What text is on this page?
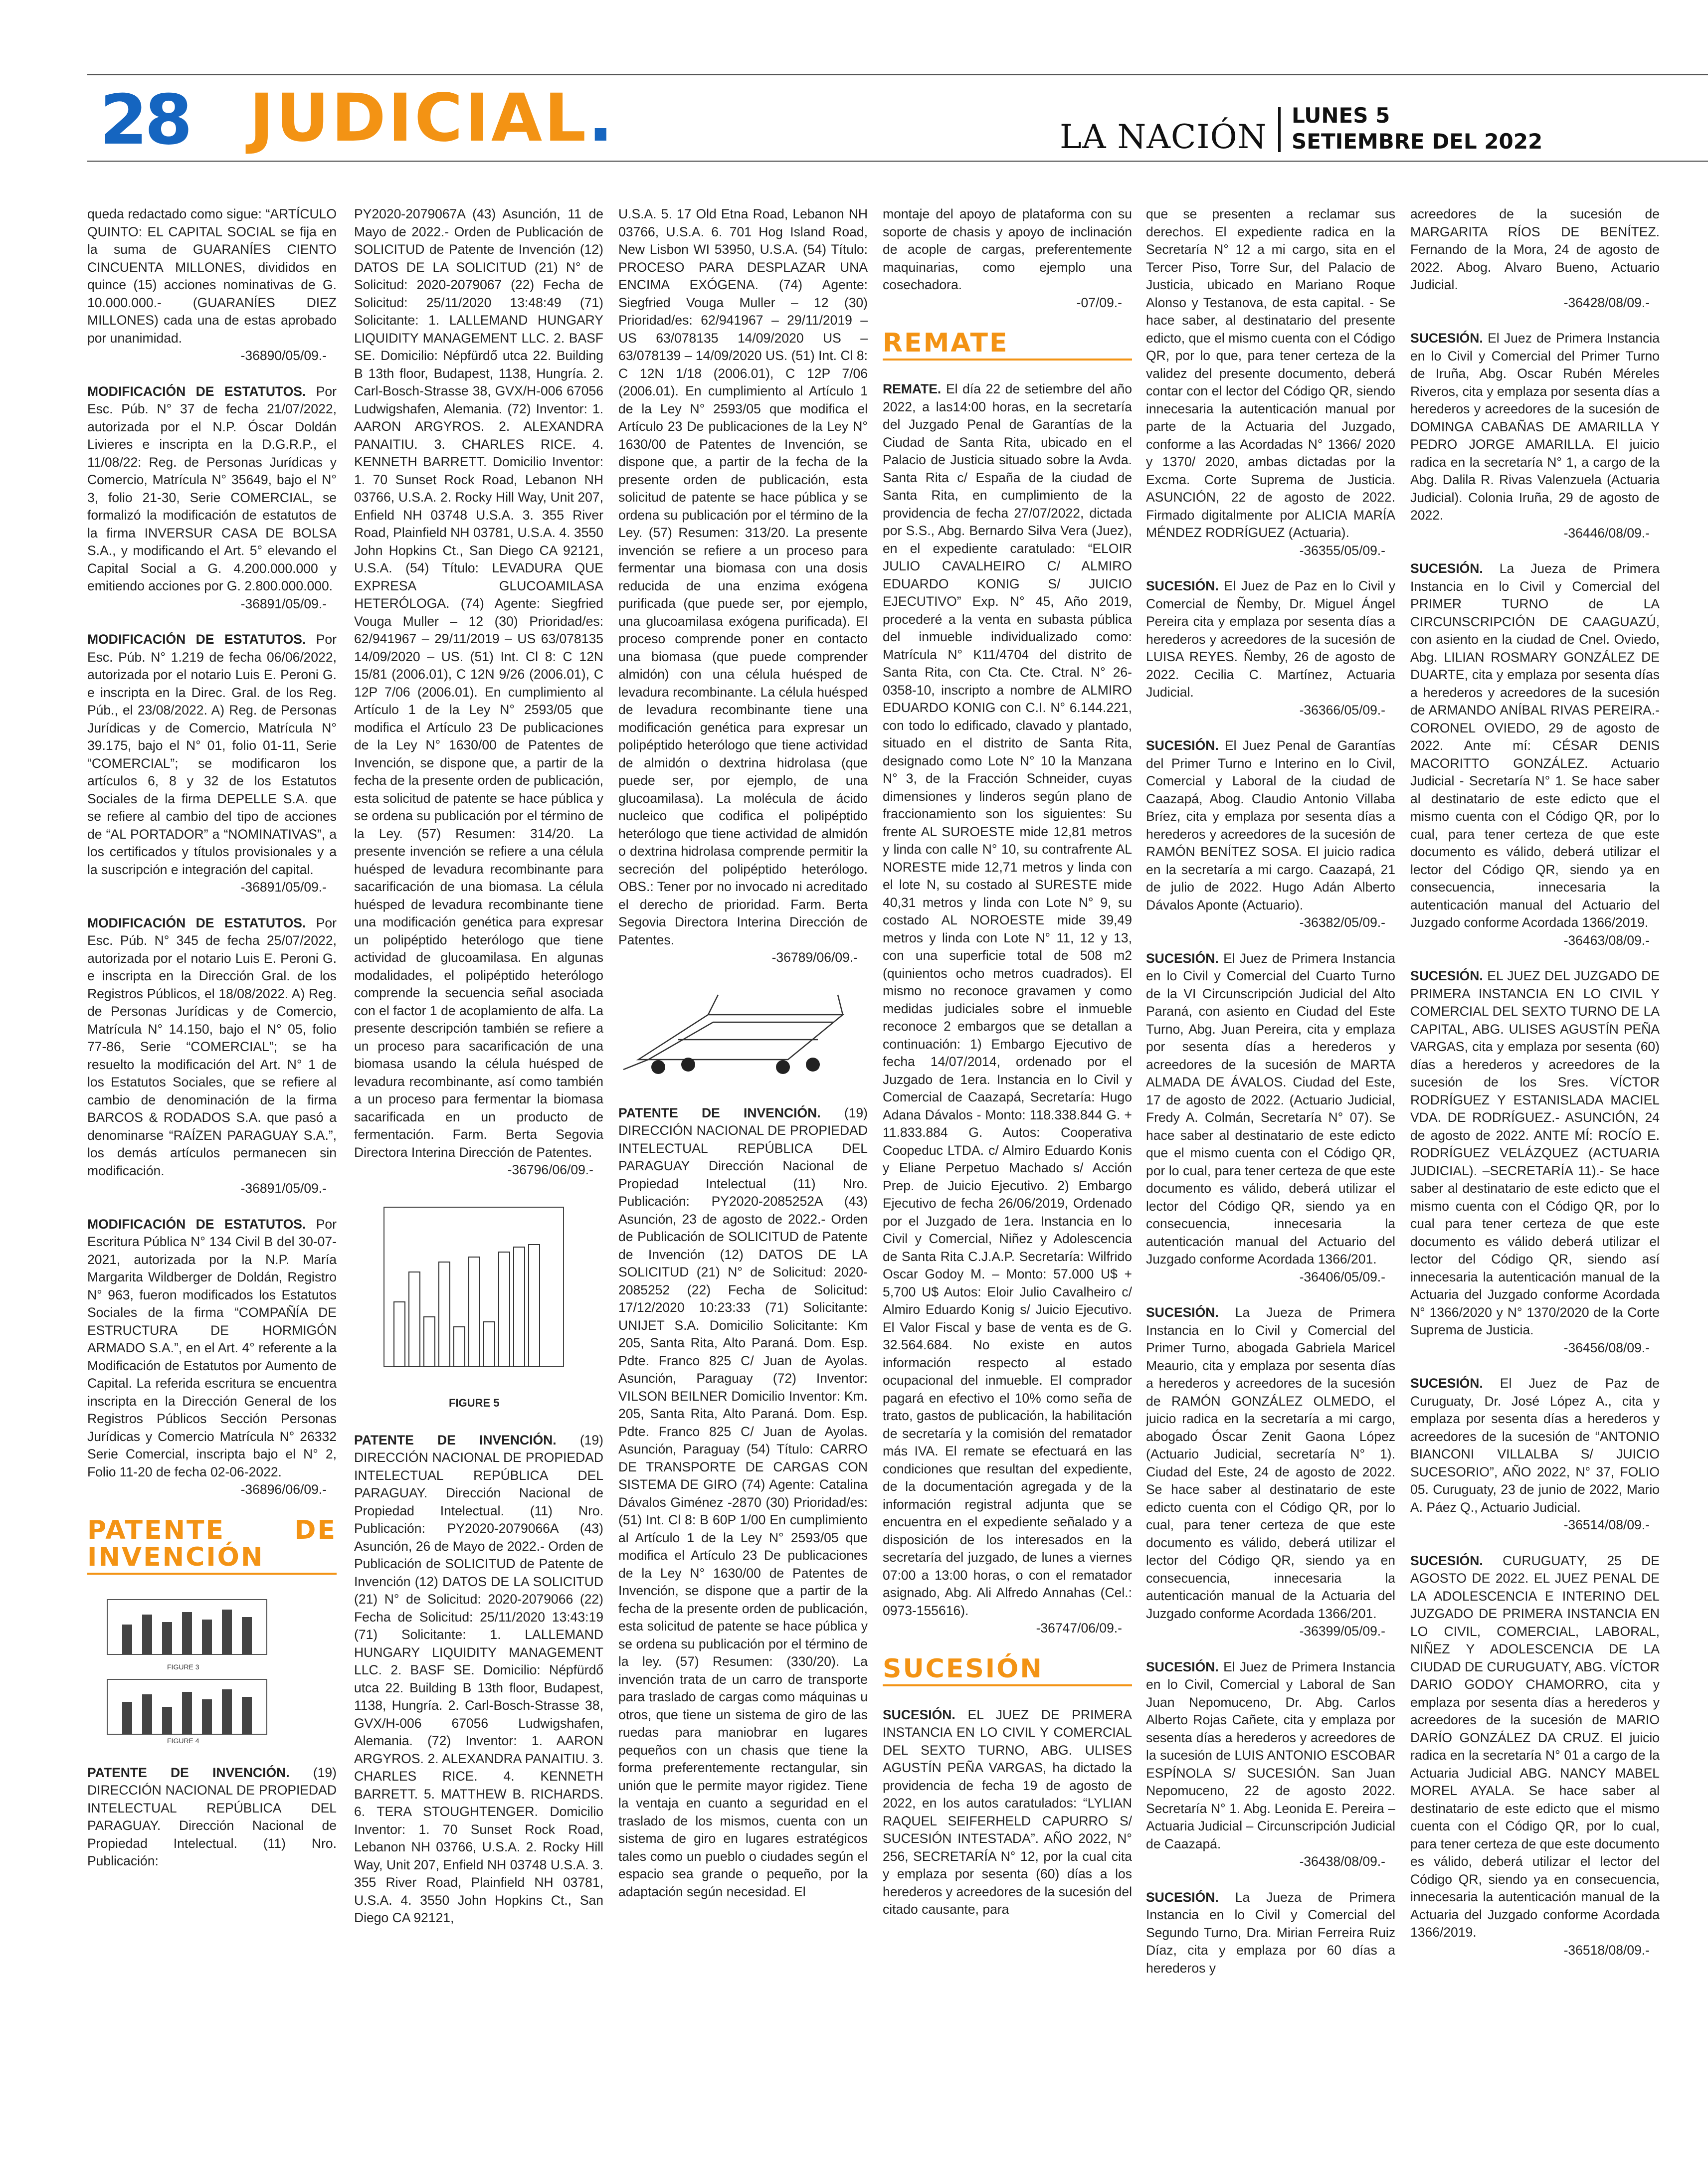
28 JUDICIAL.	LA NACIÓN
LUNES 5
SETIEMBRE DEL 2022

queda redactado como sigue: “ARTÍCULO QUINTO: EL CAPITAL SOCIAL se fija en la suma de GUARANÍES CIENTO CINCUENTA MILLONES, divididos en quince (15) acciones nominativas de G. 10.000.000.- (GUARANÍES DIEZ MILLONES) cada una de estas aprobado por unanimidad.
-36890/05/09.-

MODIFICACIÓN DE ESTATUTOS. Por Esc. Púb. N° 37 de fecha 21/07/2022, autorizada por el N.P. Óscar Doldán Livieres e inscripta en la D.G.R.P., el 11/08/22: Reg. de Personas Jurídicas y Comercio, Matrícula N° 35649, bajo el N° 3, folio 21-30, Serie COMERCIAL, se formalizó la modificación de estatutos de la firma INVERSUR CASA DE BOLSA S.A., y modificando el Art. 5° elevando el Capital Social a G. 4.200.000.000 y emitiendo acciones por G. 2.800.000.000.
-36891/05/09.-

MODIFICACIÓN DE ESTATUTOS. Por Esc. Púb. N° 1.219 de fecha 06/06/2022, autorizada por el notario Luis E. Peroni G. e inscripta en la Direc. Gral. de los Reg. Púb., el 23/08/2022. A) Reg. de Personas Jurídicas y de Comercio, Matrícula N° 39.175, bajo el N° 01, folio 01-11, Serie “COMERCIAL”; se modificaron los artículos 6, 8 y 32 de los Estatutos Sociales de la firma DEPELLE S.A. que se refiere al cambio del tipo de acciones de “AL PORTADOR” a “NOMINATIVAS”, a los certificados y títulos provisionales y a la suscripción e integración del capital.
-36891/05/09.-

MODIFICACIÓN DE ESTATUTOS. Por Esc. Púb. N° 345 de fecha 25/07/2022, autorizada por el notario Luis E. Peroni G. e inscripta en la Dirección Gral. de los Registros Públicos, el 18/08/2022. A) Reg. de Personas Jurídicas y de Comercio, Matrícula N° 14.150, bajo el N° 05, folio 77-86, Serie “COMERCIAL”; se ha resuelto la modificación del Art. N° 1 de los Estatutos Sociales, que se refiere al cambio de denominación de la firma BARCOS & RODADOS S.A. que pasó a denominarse “RAÍZEN PARAGUAY S.A.”, los demás artículos permanecen sin modificación.
-36891/05/09.-

MODIFICACIÓN DE ESTATUTOS. Por Escritura Pública N° 134 Civil B del 30-07-2021, autorizada por la N.P. María Margarita Wildberger de Doldán, Registro N° 963, fueron modificados los Estatutos Sociales de la firma “COMPAÑÍA DE ESTRUCTURA DE HORMIGÓN ARMADO S.A.”, en el Art. 4° referente a la Modificación de Estatutos por Aumento de Capital. La referida escritura se encuentra inscripta en la Dirección General de los Registros Públicos Sección Personas Jurídicas y Comercio Matrícula N° 26332 Serie Comercial, inscripta bajo el N° 2, Folio 11-20 de fecha 02-06-2022.
-36896/06/09.-

PATENTE DE INVENCIÓN
FIGURE 3
FIGURE 4

PATENTE DE INVENCIÓN. (19) DIRECCIÓN NACIONAL DE PROPIEDAD INTELECTUAL REPÚBLICA DEL PARAGUAY. Dirección Nacional de Propiedad Intelectual. (11) Nro. Publicación:

PY2020-2079067A (43) Asunción, 11 de Mayo de 2022.- Orden de Publicación de SOLICITUD de Patente de Invención (12) DATOS DE LA SOLICITUD (21) N° de Solicitud: 2020-2079067 (22) Fecha de Solicitud: 25/11/2020 13:48:49 (71) Solicitante: 1. LALLEMAND HUNGARY LIQUIDITY MANAGEMENT LLC. 2. BASF SE. Domicilio: Népfürdő utca 22. Building B 13th floor, Budapest, 1138, Hungría. 2. Carl-Bosch-Strasse 38, GVX/H-006 67056 Ludwigshafen, Alemania. (72) Inventor: 1. AARON ARGYROS. 2. ALEXANDRA PANAITIU. 3. CHARLES RICE. 4. KENNETH BARRETT. Domicilio Inventor: 1. 70 Sunset Rock Road, Lebanon NH 03766, U.S.A. 2. Rocky Hill Way, Unit 207, Enfield NH 03748 U.S.A. 3. 355 River Road, Plainfield NH 03781, U.S.A. 4. 3550 John Hopkins Ct., San Diego CA 92121, U.S.A. (54) Título: LEVADURA QUE EXPRESA GLUCOAMILASA HETERÓLOGA. (74) Agente: Siegfried Vouga Muller – 12 (30) Prioridad/es: 62/941967 – 29/11/2019 – US 63/078135 14/09/2020 – US. (51) Int. Cl 8: C 12N 15/81 (2006.01), C 12N 9/26 (2006.01), C 12P 7/06 (2006.01). En cumplimiento al Artículo 1 de la Ley N° 2593/05 que modifica el Artículo 23 De publicaciones de la Ley N° 1630/00 de Patentes de Invención, se dispone que, a partir de la fecha de la presente orden de publicación, esta solicitud de patente se hace pública y se ordena su publicación por el término de la Ley. (57) Resumen: 314/20. La presente invención se refiere a una célula huésped de levadura recombinante para sacarificación de una biomasa. La célula huésped de levadura recombinante tiene una modificación genética para expresar un polipéptido heterólogo que tiene actividad de glucoamilasa. En algunas modalidades, el polipéptido heterólogo comprende la secuencia señal asociada con el factor 1 de acoplamiento de alfa. La presente descripción también se refiere a un proceso para sacarificación de una biomasa usando la célula huésped de levadura recombinante, así como también a un proceso para fermentar la biomasa sacarificada en un producto de fermentación. Farm. Berta Segovia Directora Interina Dirección de Patentes.
-36796/06/09.-

FIGURE 5

PATENTE DE INVENCIÓN. (19) DIRECCIÓN NACIONAL DE PROPIEDAD INTELECTUAL REPÚBLICA DEL PARAGUAY. Dirección Nacional de Propiedad Intelectual. (11) Nro. Publicación: PY2020-2079066A (43) Asunción, 26 de Mayo de 2022.- Orden de Publicación de SOLICITUD de Patente de Invención (12) DATOS DE LA SOLICITUD (21) N° de Solicitud: 2020-2079066 (22) Fecha de Solicitud: 25/11/2020 13:43:19 (71) Solicitante: 1. LALLEMAND HUNGARY LIQUIDITY MANAGEMENT LLC. 2. BASF SE. Domicilio: Népfürdő utca 22. Building B 13th floor, Budapest, 1138, Hungría. 2. Carl-Bosch-Strasse 38, GVX/H-006 67056 Ludwigshafen, Alemania. (72) Inventor: 1. AARON ARGYROS. 2. ALEXANDRA PANAITIU. 3. CHARLES RICE. 4. KENNETH BARRETT. 5. MATTHEW B. RICHARDS. 6. TERA STOUGHTENGER. Domicilio Inventor: 1. 70 Sunset Rock Road, Lebanon NH 03766, U.S.A. 2. Rocky Hill Way, Unit 207, Enfield NH 03748 U.S.A. 3. 355 River Road, Plainfield NH 03781, U.S.A. 4. 3550 John Hopkins Ct., San Diego CA 92121,

U.S.A. 5. 17 Old Etna Road, Lebanon NH 03766, U.S.A. 6. 701 Hog Island Road, New Lisbon WI 53950, U.S.A. (54) Título: PROCESO PARA DESPLAZAR UNA ENCIMA EXÓGENA. (74) Agente: Siegfried Vouga Muller – 12 (30) Prioridad/es: 62/941967 – 29/11/2019 – US 63/078135 14/09/2020 US – 63/078139 – 14/09/2020 US. (51) Int. Cl 8: C 12N 1/18 (2006.01), C 12P 7/06 (2006.01). En cumplimiento al Artículo 1 de la Ley N° 2593/05 que modifica el Artículo 23 De publicaciones de la Ley N° 1630/00 de Patentes de Invención, se dispone que, a partir de la fecha de la presente orden de publicación, esta solicitud de patente se hace pública y se ordena su publicación por el término de la Ley. (57) Resumen: 313/20. La presente invención se refiere a un proceso para fermentar una biomasa con una dosis reducida de una enzima exógena purificada (que puede ser, por ejemplo, una glucoamilasa exógena purificada). El proceso comprende poner en contacto una biomasa (que puede comprender almidón) con una célula huésped de levadura recombinante. La célula huésped de levadura recombinante tiene una modificación genética para expresar un polipéptido heterólogo que tiene actividad de almidón o dextrina hidrolasa (que puede ser, por ejemplo, de una glucoamilasa). La molécula de ácido nucleico que codifica el polipéptido heterólogo que tiene actividad de almidón o dextrina hidrolasa comprende permitir la secreción del polipéptido heterólogo. OBS.: Tener por no invocado ni acreditado el derecho de prioridad. Farm. Berta Segovia Directora Interina Dirección de Patentes.
-36789/06/09.-

PATENTE DE INVENCIÓN. (19) DIRECCIÓN NACIONAL DE PROPIEDAD INTELECTUAL REPÚBLICA DEL PARAGUAY Dirección Nacional de Propiedad Intelectual (11) Nro. Publicación: PY2020-2085252A (43) Asunción, 23 de agosto de 2022.- Orden de Publicación de SOLICITUD de Patente de Invención (12) DATOS DE LA SOLICITUD (21) N° de Solicitud: 2020-2085252 (22) Fecha de Solicitud: 17/12/2020 10:23:33 (71) Solicitante: UNIJET S.A. Domicilio Solicitante: Km 205, Santa Rita, Alto Paraná. Dom. Esp. Pdte. Franco 825 C/ Juan de Ayolas. Asunción, Paraguay (72) Inventor: VILSON BEILNER Domicilio Inventor: Km. 205, Santa Rita, Alto Paraná. Dom. Esp. Pdte. Franco 825 C/ Juan de Ayolas. Asunción, Paraguay (54) Título: CARRO DE TRANSPORTE DE CARGAS CON SISTEMA DE GIRO (74) Agente: Catalina Dávalos Giménez -2870 (30) Prioridad/es: (51) Int. Cl 8: B 60P 1/00 En cumplimiento al Artículo 1 de la Ley N° 2593/05 que modifica el Artículo 23 De publicaciones de la Ley N° 1630/00 de Patentes de Invención, se dispone que a partir de la fecha de la presente orden de publicación, esta solicitud de patente se hace pública y se ordena su publicación por el término de la ley. (57) Resumen: (330/20). La invención trata de un carro de transporte para traslado de cargas como máquinas u otros, que tiene un sistema de giro de las ruedas para maniobrar en lugares pequeños con un chasis que tiene la forma preferentemente rectangular, sin unión que le permite mayor rigidez. Tiene la ventaja en cuanto a seguridad en el traslado de los mismos, cuenta con un sistema de giro en lugares estratégicos tales como un pueblo o ciudades según el espacio sea grande o pequeño, por la adaptación según necesidad. El

montaje del apoyo de plataforma con su soporte de chasis y apoyo de inclinación de acople de cargas, preferentemente maquinarias, como ejemplo una cosechadora.
-07/09.-

REMATE

REMATE. El día 22 de setiembre del año 2022, a las14:00 horas, en la secretaría del Juzgado Penal de Garantías de la Ciudad de Santa Rita, ubicado en el Palacio de Justicia situado sobre la Avda. Santa Rita c/ España de la ciudad de Santa Rita, en cumplimiento de la providencia de fecha 27/07/2022, dictada por S.S., Abg. Bernardo Silva Vera (Juez), en el expediente caratulado: “ELOIR JULIO CAVALHEIRO C/ ALMIRO EDUARDO KONIG S/ JUICIO EJECUTIVO” Exp. N° 45, Año 2019, procederé a la venta en subasta pública del inmueble individualizado como: Matrícula N° K11/4704 del distrito de Santa Rita, con Cta. Cte. Ctral. N° 26-0358-10, inscripto a nombre de ALMIRO EDUARDO KONIG con C.I. N° 6.144.221, con todo lo edificado, clavado y plantado, situado en el distrito de Santa Rita, designado como Lote N° 10 la Manzana N° 3, de la Fracción Schneider, cuyas dimensiones y linderos según plano de fraccionamiento son los siguientes: Su frente AL SUROESTE mide 12,81 metros y linda con calle N° 10, su contrafrente AL NORESTE mide 12,71 metros y linda con el lote N, su costado al SURESTE mide 40,31 metros y linda con Lote N° 9, su costado AL NOROESTE mide 39,49 metros y linda con Lote N° 11, 12 y 13, con una superficie total de 508 m2 (quinientos ocho metros cuadrados). El mismo no reconoce gravamen y como medidas judiciales sobre el inmueble reconoce 2 embargos que se detallan a continuación: 1) Embargo Ejecutivo de fecha 14/07/2014, ordenado por el Juzgado de 1era. Instancia en lo Civil y Comercial de Caazapá, Secretaría: Hugo Adana Dávalos - Monto: 118.338.844 G. + 11.833.884 G. Autos: Cooperativa Coopeduc LTDA. c/ Almiro Eduardo Konis y Eliane Perpetuo Machado s/ Acción Prep. de Juicio Ejecutivo. 2) Embargo Ejecutivo de fecha 26/06/2019, Ordenado por el Juzgado de 1era. Instancia en lo Civil y Comercial, Niñez y Adolescencia de Santa Rita C.J.A.P. Secretaría: Wilfrido Oscar Godoy M. – Monto: 57.000 U$ + 5,700 U$ Autos: Eloir Julio Cavalheiro c/ Almiro Eduardo Konig s/ Juicio Ejecutivo. El Valor Fiscal y base de venta es de G. 32.564.684. No existe en autos información respecto al estado ocupacional del inmueble. El comprador pagará en efectivo el 10% como seña de trato, gastos de publicación, la habilitación de secretaría y la comisión del rematador más IVA. El remate se efectuará en las condiciones que resultan del expediente, de la documentación agregada y de la información registral adjunta que se encuentra en el expediente señalado y a disposición de los interesados en la secretaría del juzgado, de lunes a viernes 07:00 a 13:00 horas, o con el rematador asignado, Abg. Ali Alfredo Annahas (Cel.: 0973-155616).
-36747/06/09.-

SUCESIÓN

SUCESIÓN. EL JUEZ DE PRIMERA INSTANCIA EN LO CIVIL Y COMERCIAL DEL SEXTO TURNO, ABG. ULISES AGUSTÍN PEÑA VARGAS, ha dictado la providencia de fecha 19 de agosto de 2022, en los autos caratulados: “LYLIAN RAQUEL SEIFERHELD CAPURRO S/ SUCESIÓN INTESTADA”. AÑO 2022, N° 256, SECRETARÍA N° 12, por la cual cita y emplaza por sesenta (60) días a los herederos y acreedores de la sucesión del citado causante, para

que se presenten a reclamar sus derechos. El expediente radica en la Secretaría N° 12 a mi cargo, sita en el Tercer Piso, Torre Sur, del Palacio de Justicia, ubicado en Mariano Roque Alonso y Testanova, de esta capital. - Se hace saber, al destinatario del presente edicto, que el mismo cuenta con el Código QR, por lo que, para tener certeza de la validez del presente documento, deberá contar con el lector del Código QR, siendo innecesaria la autenticación manual por parte de la Actuaria del Juzgado, conforme a las Acordadas N° 1366/ 2020 y 1370/ 2020, ambas dictadas por la Excma. Corte Suprema de Justicia. ASUNCIÓN, 22 de agosto de 2022. Firmado digitalmente por ALICIA MARÍA MÉNDEZ RODRÍGUEZ (Actuaria).
-36355/05/09.-

SUCESIÓN. El Juez de Paz en lo Civil y Comercial de Ñemby, Dr. Miguel Ángel Pereira cita y emplaza por sesenta días a herederos y acreedores de la sucesión de LUISA REYES. Ñemby, 26 de agosto de 2022. Cecilia C. Martínez, Actuaria Judicial.
-36366/05/09.-

SUCESIÓN. El Juez Penal de Garantías del Primer Turno e Interino en lo Civil, Comercial y Laboral de la ciudad de Caazapá, Abog. Claudio Antonio Villaba Bríez, cita y emplaza por sesenta días a herederos y acreedores de la sucesión de RAMÓN BENÍTEZ SOSA. El juicio radica en la secretaría a mi cargo. Caazapá, 21 de julio de 2022. Hugo Adán Alberto Dávalos Aponte (Actuario).
-36382/05/09.-

SUCESIÓN. El Juez de Primera Instancia en lo Civil y Comercial del Cuarto Turno de la VI Circunscripción Judicial del Alto Paraná, con asiento en Ciudad del Este Turno, Abg. Juan Pereira, cita y emplaza por sesenta días a herederos y acreedores de la sucesión de MARTA ALMADA DE ÁVALOS. Ciudad del Este, 17 de agosto de 2022. (Actuario Judicial, Fredy A. Colmán, Secretaría N° 07). Se hace saber al destinatario de este edicto que el mismo cuenta con el Código QR, por lo cual, para tener certeza de que este documento es válido, deberá utilizar el lector del Código QR, siendo ya en consecuencia, innecesaria la autenticación manual del Actuario del Juzgado conforme Acordada 1366/201.
-36406/05/09.-

SUCESIÓN. La Jueza de Primera Instancia en lo Civil y Comercial del Primer Turno, abogada Gabriela Maricel Meaurio, cita y emplaza por sesenta días a herederos y acreedores de la sucesión de RAMÓN GONZÁLEZ OLMEDO, el juicio radica en la secretaría a mi cargo, abogado Óscar Zenit Gaona López (Actuario Judicial, secretaría N° 1). Ciudad del Este, 24 de agosto de 2022. Se hace saber al destinatario de este edicto cuenta con el Código QR, por lo cual, para tener certeza de que este documento es válido, deberá utilizar el lector del Código QR, siendo ya en consecuencia, innecesaria la autenticación manual de la Actuaria del Juzgado conforme Acordada 1366/201.
-36399/05/09.-

SUCESIÓN. El Juez de Primera Instancia en lo Civil, Comercial y Laboral de San Juan Nepomuceno, Dr. Abg. Carlos Alberto Rojas Cañete, cita y emplaza por sesenta días a herederos y acreedores de la sucesión de LUIS ANTONIO ESCOBAR ESPÍNOLA S/ SUCESIÓN. San Juan Nepomuceno, 22 de agosto 2022. Secretaría N° 1. Abg. Leonida E. Pereira – Actuaria Judicial – Circunscripción Judicial de Caazapá.
-36438/08/09.-

SUCESIÓN. La Jueza de Primera Instancia en lo Civil y Comercial del Segundo Turno, Dra. Mirian Ferreira Ruiz Díaz, cita y emplaza por 60 días a herederos y

acreedores de la sucesión de MARGARITA RÍOS DE BENÍTEZ. Fernando de la Mora, 24 de agosto de 2022. Abog. Alvaro Bueno, Actuario Judicial.
-36428/08/09.-

SUCESIÓN. El Juez de Primera Instancia en lo Civil y Comercial del Primer Turno de Iruña, Abg. Oscar Rubén Méreles Riveros, cita y emplaza por sesenta días a herederos y acreedores de la sucesión de DOMINGA CABAÑAS DE AMARILLA Y PEDRO JORGE AMARILLA. El juicio radica en la secretaría N° 1, a cargo de la Abg. Dalila R. Rivas Valenzuela (Actuaria Judicial). Colonia Iruña, 29 de agosto de 2022.
-36446/08/09.-

SUCESIÓN. La Jueza de Primera Instancia en lo Civil y Comercial del PRIMER TURNO de LA CIRCUNSCRIPCIÓN DE CAAGUAZÚ, con asiento en la ciudad de Cnel. Oviedo, Abg. LILIAN ROSMARY GONZÁLEZ DE DUARTE, cita y emplaza por sesenta días a herederos y acreedores de la sucesión de ARMANDO ANÍBAL RIVAS PEREIRA.- CORONEL OVIEDO, 29 de agosto de 2022. Ante mí: CÉSAR DENIS MACORITTO GONZÁLEZ. Actuario Judicial - Secretaría N° 1. Se hace saber al destinatario de este edicto que el mismo cuenta con el Código QR, por lo cual, para tener certeza de que este documento es válido, deberá utilizar el lector del Código QR, siendo ya en consecuencia, innecesaria la autenticación manual del Actuario del Juzgado conforme Acordada 1366/2019.
-36463/08/09.-

SUCESIÓN. EL JUEZ DEL JUZGADO DE PRIMERA INSTANCIA EN LO CIVIL Y COMERCIAL DEL SEXTO TURNO DE LA CAPITAL, ABG. ULISES AGUSTÍN PEÑA VARGAS, cita y emplaza por sesenta (60) días a herederos y acreedores de la sucesión de los Sres. VÍCTOR RODRÍGUEZ Y ESTANISLADA MACIEL VDA. DE RODRÍGUEZ.- ASUNCIÓN, 24 de agosto de 2022. ANTE MÍ: ROCÍO E. RODRÍGUEZ VELÁZQUEZ (ACTUARIA JUDICIAL). –SECRETARÍA 11).- Se hace saber al destinatario de este edicto que el mismo cuenta con el Código QR, por lo cual para tener certeza de que este documento es válido deberá utilizar el lector del Código QR, siendo así innecesaria la autenticación manual de la Actuaria del Juzgado conforme Acordada N° 1366/2020 y N° 1370/2020 de la Corte Suprema de Justicia.
-36456/08/09.-

SUCESIÓN. El Juez de Paz de Curuguaty, Dr. José López A., cita y emplaza por sesenta días a herederos y acreedores de la sucesión de “ANTONIO BIANCONI VILLALBA S/ JUICIO SUCESORIO”, AÑO 2022, N° 37, FOLIO 05. Curuguaty, 23 de junio de 2022, Mario A. Páez Q., Actuario Judicial.
-36514/08/09.-

SUCESIÓN. CURUGUATY, 25 DE AGOSTO DE 2022. EL JUEZ PENAL DE LA ADOLESCENCIA E INTERINO DEL JUZGADO DE PRIMERA INSTANCIA EN LO CIVIL, COMERCIAL, LABORAL, NIÑEZ Y ADOLESCENCIA DE LA CIUDAD DE CURUGUATY, ABG. VÍCTOR DARIO GODOY CHAMORRO, cita y emplaza por sesenta días a herederos y acreedores de la sucesión de MARIO DARÍO GONZÁLEZ DA CRUZ. El juicio radica en la secretaría N° 01 a cargo de la Actuaria Judicial ABG. NANCY MABEL MOREL AYALA. Se hace saber al destinatario de este edicto que el mismo cuenta con el Código QR, por lo cual, para tener certeza de que este documento es válido, deberá utilizar el lector del Código QR, siendo ya en consecuencia, innecesaria la autenticación manual de la Actuaria del Juzgado conforme Acordada 1366/2019.
-36518/08/09.-
